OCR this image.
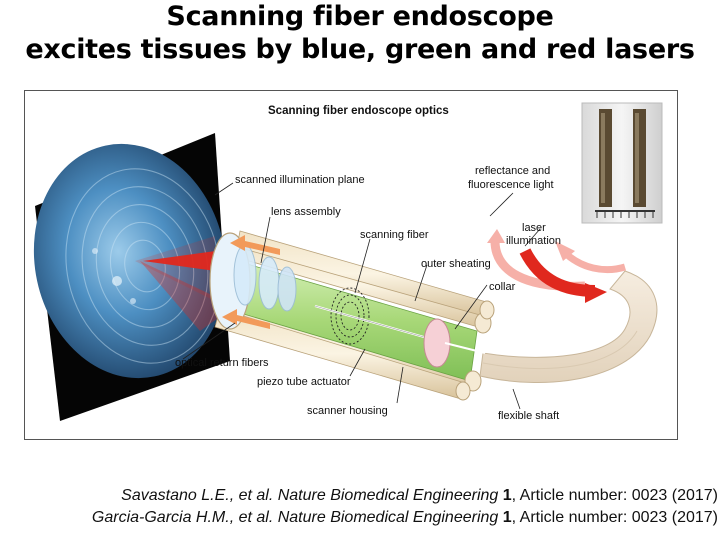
Scanning fiber endoscope
excites tissues by blue, green and red lasers
Scanning fiber endoscope optics
scanned illumination plane
lens assembly
scanning fiber
reflectance and
fluorescence light
laser
illumination
outer sheating
collar
optical return fibers
piezo tube actuator
scanner housing	flexible shaft
Savastano L.E., et al. Nature Biomedical Engineering 1, Article number: 0023 (2017)
Garcia-Garcia H.M., et al. Nature Biomedical Engineering 1, Article number: 0023 (2017)
